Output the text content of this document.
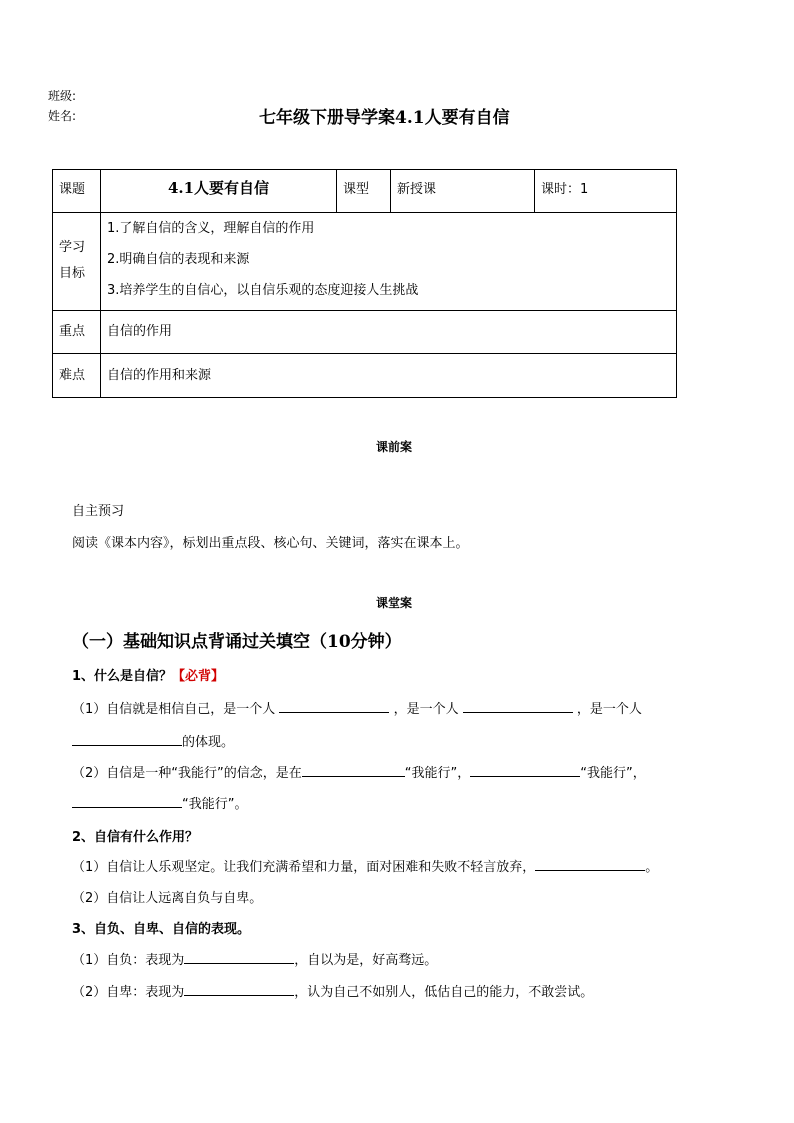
班级:
姓名:	七年级下册导学案4.1人要有自信
课题	4.1人要有自信	课型	新授课	课时：1
学习目标	1.了解自信的含义，理解自信的作用
2.明确自信的表现和来源
3.培养学生的自信心，以自信乐观的态度迎接人生挑战			

重点	自信的作用			
难点	自信的作用和来源			
课前案
自主预习
阅读《课本内容》，标划出重点段、核心句、关键词，落实在课本上。
课堂案
（一）基础知识点背诵过关填空（10分钟）
1、什么是自信？【必背】
（1）自信就是相信自己，是一个人	，是一个人	，是一个人
的体现。
（2）自信是一种“我能行”的信念，是在	“我能行”，	“我能行”，
“我能行”。
2、自信有什么作用？
（1）自信让人乐观坚定。让我们充满希望和力量，面对困难和失败不轻言放弃，	。
（2）自信让人远离自负与自卑。
3、自负、自卑、自信的表现。
（1）自负：表现为	，自以为是，好高骛远。
（2）自卑：表现为	，认为自己不如别人，低估自己的能力，不敢尝试。
